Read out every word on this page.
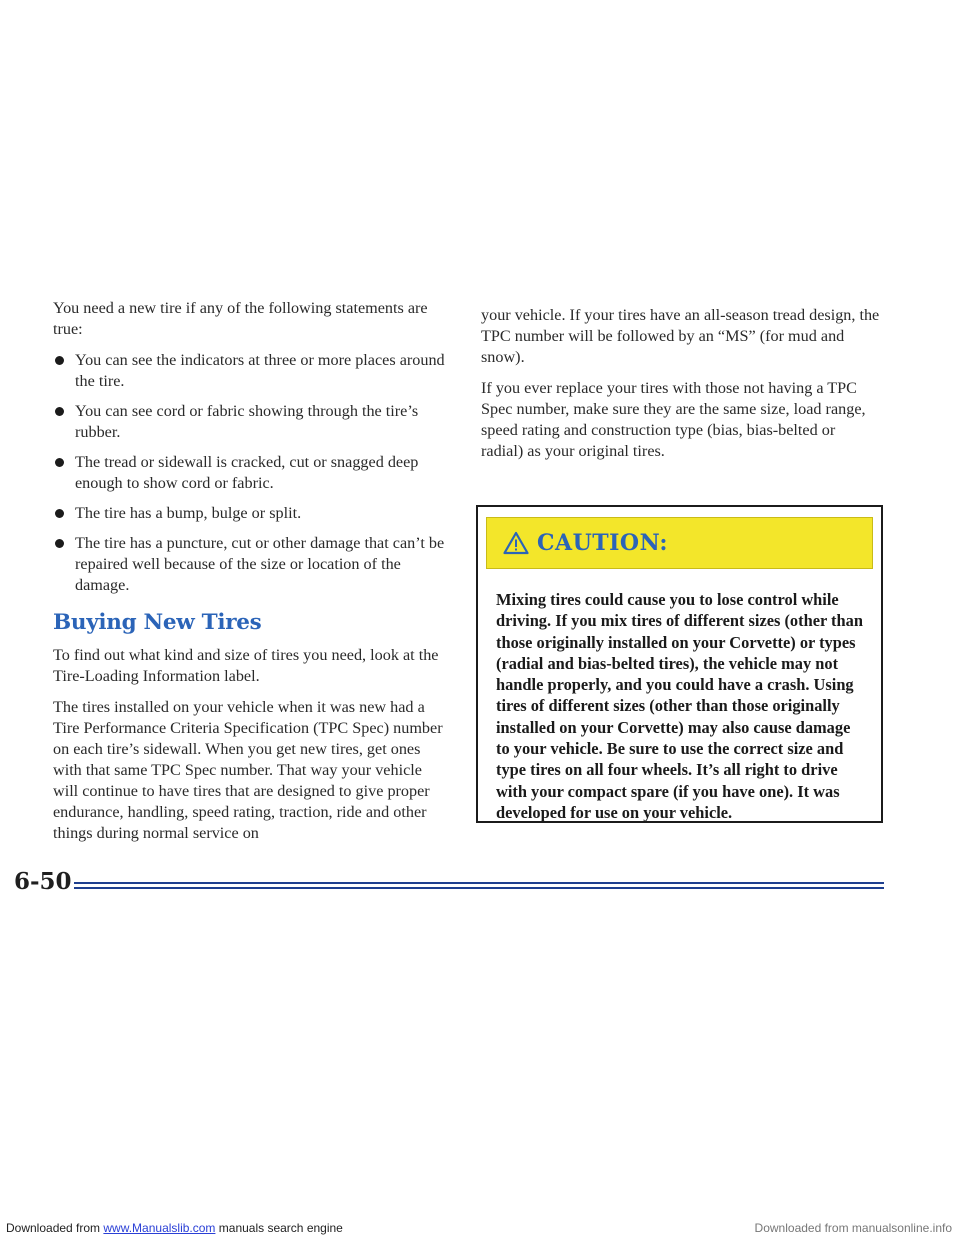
You need a new tire if any of the following statements are true:

You can see the indicators at three or more places around the tire.
You can see cord or fabric showing through the tire’s rubber.
The tread or sidewall is cracked, cut or snagged deep enough to show cord or fabric.
The tire has a bump, bulge or split.
The tire has a puncture, cut or other damage that can’t be repaired well because of the size or location of the damage.
Buying New Tires

To find out what kind and size of tires you need, look at the Tire-Loading Information label.

The tires installed on your vehicle when it was new had a Tire Performance Criteria Specification (TPC Spec) number on each tire’s sidewall. When you get new tires, get ones with that same TPC Spec number. That way your vehicle will continue to have tires that are designed to give proper endurance, handling, speed rating, traction, ride and other things during normal service on

your vehicle. If your tires have an all-season tread design, the TPC number will be followed by an “MS” (for mud and snow).

If you ever replace your tires with those not having a TPC Spec number, make sure they are the same size, load range, speed rating and construction type (bias, bias-belted or radial) as your original tires.

CAUTION:
Mixing tires could cause you to lose control while driving. If you mix tires of different sizes (other than those originally installed on your Corvette) or types (radial and bias-belted tires), the vehicle may not handle properly, and you could have a crash. Using tires of different sizes (other than those originally installed on your Corvette) may also cause damage to your vehicle. Be sure to use the correct size and type tires on all four wheels. It’s all right to drive with your compact spare (if you have one). It was developed for use on your vehicle.
6-50
Downloaded from www.Manualslib.com manuals search engine	Downloaded from manualsonline.info
